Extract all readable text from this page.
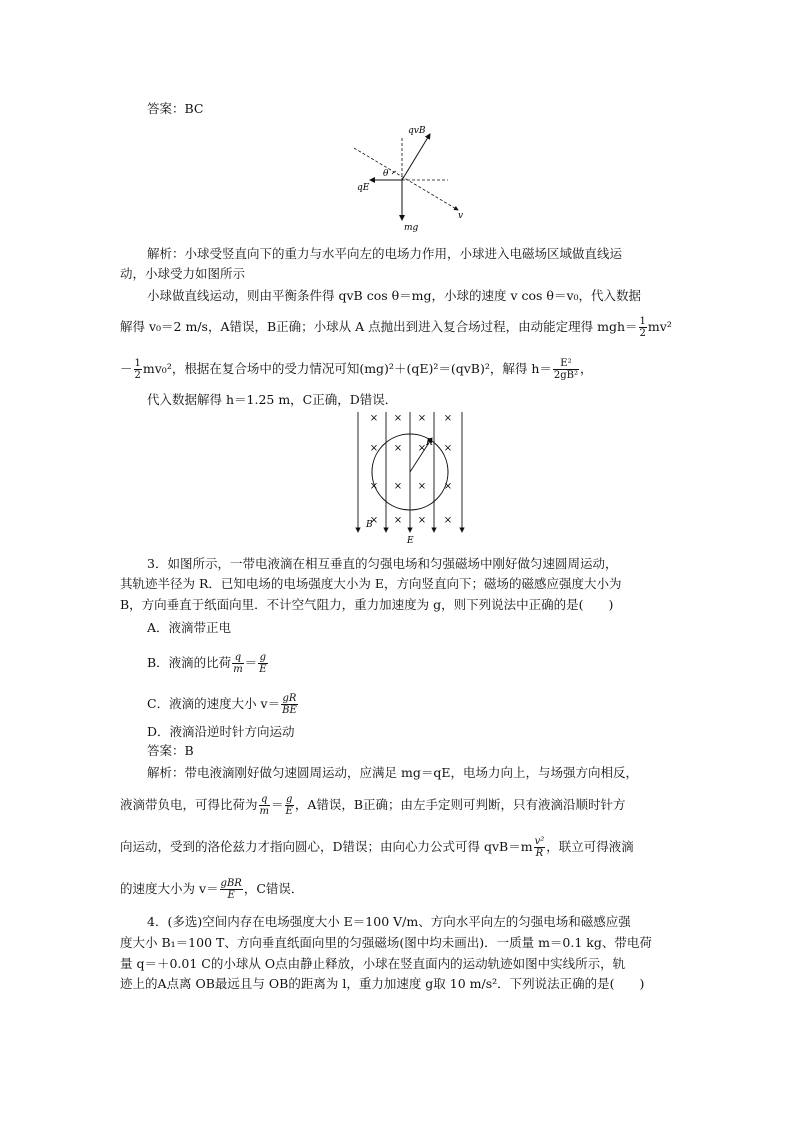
答案：BC
qvB
θ
qE
mg
v
解析：小球受竖直向下的重力与水平向左的电场力作用，小球进入电磁场区域做直线运
动，小球受力如图所示
小球做直线运动，则由平衡条件得 qvB cos θ＝mg，小球的速度 v cos θ＝v₀，代入数据
解得 v₀＝2 m/s，A错误，B正确；小球从 A 点抛出到进入复合场过程，由动能定理得 $mgh= \frac{1}{2} mv^2$
－ $\frac{1}{2} mv_0^2$，根据在复合场中的受力情况可知(mg)²＋(qE)²＝(qvB)²，解得 $h= \frac{\text{E²}}{\text{2gB²}}$ ，
代入数据解得 h＝1.25 m，C正确，D错误．
× × × ×
× × × ×
× × × ×
× × × ×
R
B
E
3．如图所示，一带电液滴在相互垂直的匀强电场和匀强磁场中刚好做匀速圆周运动，
其轨迹半径为 R．已知电场的电场强度大小为 E，方向竖直向下；磁场的磁感应强度大小为
B，方向垂直于纸面向里．不计空气阻力，重力加速度为 g，则下列说法中正确的是(　　)
A．液滴带正电
B．液滴的比荷 $\frac{q}{m} = \frac{g}{E}$
C．液滴的速度大小 $v= \frac{gR}{BE}$
D．液滴沿逆时针方向运动
答案：B
解析：带电液滴刚好做匀速圆周运动，应满足 mg＝qE，电场力向上，与场强方向相反，
液滴带负电，可得比荷为 $\frac{q}{m} = \frac{g}{E}$ ，A错误，B正确；由左手定则可判断，只有液滴沿顺时针方
向运动，受到的洛伦兹力才指向圆心，D错误；由向心力公式可得 $qvB=m \frac{\text{v²}}{R}$ ，联立可得液滴
的速度大小为 $v= \frac{\text{gBR}}{E}$ ，C错误．
4．(多选)空间内存在电场强度大小 E＝100 V/m、方向水平向左的匀强电场和磁感应强
度大小 B₁＝100 T、方向垂直纸面向里的匀强磁场(图中均未画出)．一质量 m＝0.1 kg、带电荷
量 q＝＋0.01 C的小球从 O点由静止释放，小球在竖直面内的运动轨迹如图中实线所示，轨
迹上的A点离 OB最远且与 OB的距离为 l，重力加速度 g取 10 m/s²．下列说法正确的是(　　)
